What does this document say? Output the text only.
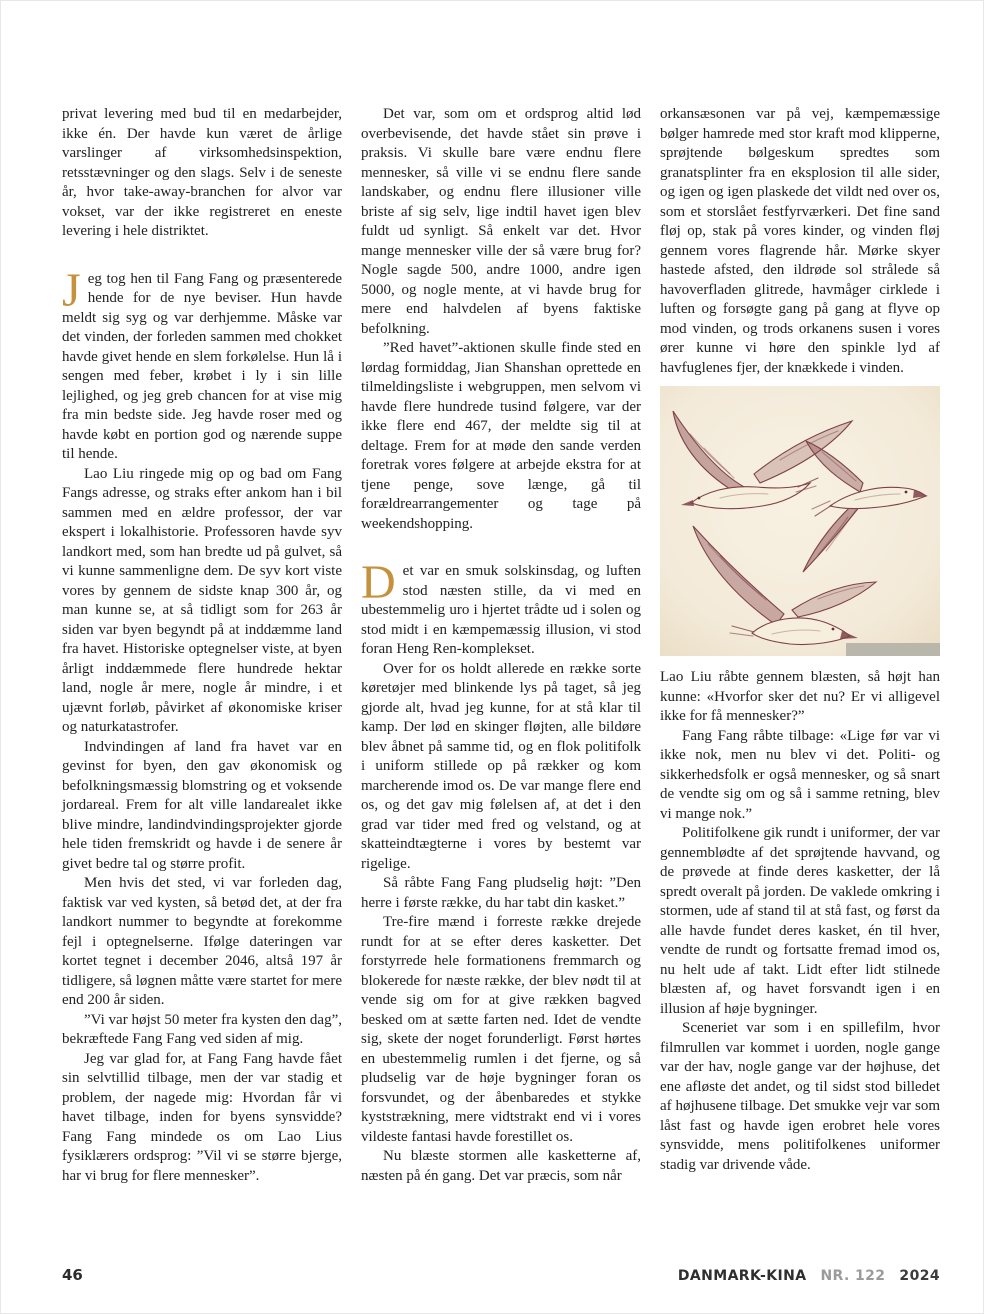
privat levering med bud til en medarbejder, ikke én. Der havde kun været de årlige varslinger af virksomhedsinspektion, retsstævninger og den slags. Selv i de seneste år, hvor take-away-branchen for alvor var vokset, var der ikke registreret en eneste levering i hele distriktet.

Jeg tog hen til Fang Fang og præsenterede hende for de nye beviser. Hun havde meldt sig syg og var derhjemme. Måske var det vinden, der forleden sammen med chokket havde givet hende en slem forkølelse. Hun lå i sengen med feber, krøbet i ly i sin lille lejlighed, og jeg greb chancen for at vise mig fra min bedste side. Jeg havde roser med og havde købt en portion god og nærende suppe til hende.

Lao Liu ringede mig op og bad om Fang Fangs adresse, og straks efter ankom han i bil sammen med en ældre professor, der var ekspert i lokalhistorie. Professoren havde syv landkort med, som han bredte ud på gulvet, så vi kunne sammenligne dem. De syv kort viste vores by gennem de sidste knap 300 år, og man kunne se, at så tidligt som for 263 år siden var byen begyndt på at inddæmme land fra havet. Historiske optegnelser viste, at byen årligt inddæmmede flere hundrede hektar land, nogle år mere, nogle år mindre, i et ujævnt forløb, påvirket af økonomiske kriser og naturkatastrofer.

Indvindingen af land fra havet var en gevinst for byen, den gav økonomisk og befolkningsmæssig blomstring og et voksende jordareal. Frem for alt ville landarealet ikke blive mindre, landindvindingsprojekter gjorde hele tiden fremskridt og havde i de senere år givet bedre tal og større profit.

Men hvis det sted, vi var forleden dag, faktisk var ved kysten, så betød det, at der fra landkort nummer to begyndte at forekomme fejl i optegnelserne. Ifølge dateringen var kortet tegnet i december 2046, altså 197 år tidligere, så løgnen måtte være startet for mere end 200 år siden.

”Vi var højst 50 meter fra kysten den dag”, bekræftede Fang Fang ved siden af mig.

Jeg var glad for, at Fang Fang havde fået sin selvtillid tilbage, men der var stadig et problem, der nagede mig: Hvordan får vi havet tilbage, inden for byens synsvidde? Fang Fang mindede os om Lao Lius fysiklærers ordsprog: ”Vil vi se større bjerge, har vi brug for flere mennesker”.

Det var, som om et ordsprog altid lød overbevisende, det havde stået sin prøve i praksis. Vi skulle bare være endnu flere mennesker, så ville vi se endnu flere sande landskaber, og endnu flere illusioner ville briste af sig selv, lige indtil havet igen blev fuldt ud synligt. Så enkelt var det. Hvor mange mennesker ville der så være brug for? Nogle sagde 500, andre 1000, andre igen 5000, og nogle mente, at vi havde brug for mere end halvdelen af byens faktiske befolkning.

”Red havet”-aktionen skulle finde sted en lørdag formiddag, Jian Shanshan oprettede en tilmeldingsliste i webgruppen, men selvom vi havde flere hundrede tusind følgere, var der ikke flere end 467, der meldte sig til at deltage. Frem for at møde den sande verden foretrak vores følgere at arbejde ekstra for at tjene penge, sove længe, gå til forældrearrangementer og tage på weekendshopping.

Det var en smuk solskinsdag, og luften stod næsten stille, da vi med en ubestemmelig uro i hjertet trådte ud i solen og stod midt i en kæmpemæssig illusion, vi stod foran Heng Ren-komplekset.

Over for os holdt allerede en række sorte køretøjer med blinkende lys på taget, så jeg gjorde alt, hvad jeg kunne, for at stå klar til kamp. Der lød en skinger fløjten, alle bildøre blev åbnet på samme tid, og en flok politifolk i uniform stillede op på rækker og kom marcherende imod os. De var mange flere end os, og det gav mig følelsen af, at det i den grad var tider med fred og velstand, og at skatteindtægterne i vores by bestemt var rigelige.

Så råbte Fang Fang pludselig højt: ”Den herre i første række, du har tabt din kasket.”

Tre-fire mænd i forreste række drejede rundt for at se efter deres kasketter. Det forstyrrede hele formationens fremmarch og blokerede for næste række, der blev nødt til at vende sig om for at give rækken bagved besked om at sætte farten ned. Idet de vendte sig, skete der noget forunderligt. Først hørtes en ubestemmelig rumlen i det fjerne, og så pludselig var de høje bygninger foran os forsvundet, og der åbenbaredes et stykke kyststrækning, mere vidtstrakt end vi i vores vildeste fantasi havde forestillet os.

Nu blæste stormen alle kasketterne af, næsten på én gang. Det var præcis, som når

orkansæsonen var på vej, kæmpemæssige bølger hamrede med stor kraft mod klipperne, sprøjtende bølgeskum spredtes som granatsplinter fra en eksplosion til alle sider, og igen og igen plaskede det vildt ned over os, som et storslået festfyrværkeri. Det fine sand fløj op, stak på vores kinder, og vinden fløj gennem vores flagrende hår. Mørke skyer hastede afsted, den ildrøde sol strålede så havoverfladen glitrede, havmåger cirklede i luften og forsøgte gang på gang at flyve op mod vinden, og trods orkanens susen i vores ører kunne vi høre den spinkle lyd af havfuglenes fjer, der knækkede i vinden.

Lao Liu råbte gennem blæsten, så højt han kunne: «Hvorfor sker det nu? Er vi alligevel ikke for få mennesker?”

Fang Fang råbte tilbage: «Lige før var vi ikke nok, men nu blev vi det. Politi- og sikkerhedsfolk er også mennesker, og så snart de vendte sig om og så i samme retning, blev vi mange nok.”

Politifolkene gik rundt i uniformer, der var gennemblødte af det sprøjtende havvand, og de prøvede at finde deres kasketter, der lå spredt overalt på jorden. De vaklede omkring i stormen, ude af stand til at stå fast, og først da alle havde fundet deres kasket, én til hver, vendte de rundt og fortsatte fremad imod os, nu helt ude af takt. Lidt efter lidt stilnede blæsten af, og havet forsvandt igen i en illusion af høje bygninger.

Sceneriet var som i en spillefilm, hvor filmrullen var kommet i uorden, nogle gange var der hav, nogle gange var der højhuse, det ene afløste det andet, og til sidst stod billedet af højhusene tilbage. Det smukke vejr var som låst fast og havde igen erobret hele vores synsvidde, mens politifolkenes uniformer stadig var drivende våde.

46	DANMARK-KINA NR. 122 2024
